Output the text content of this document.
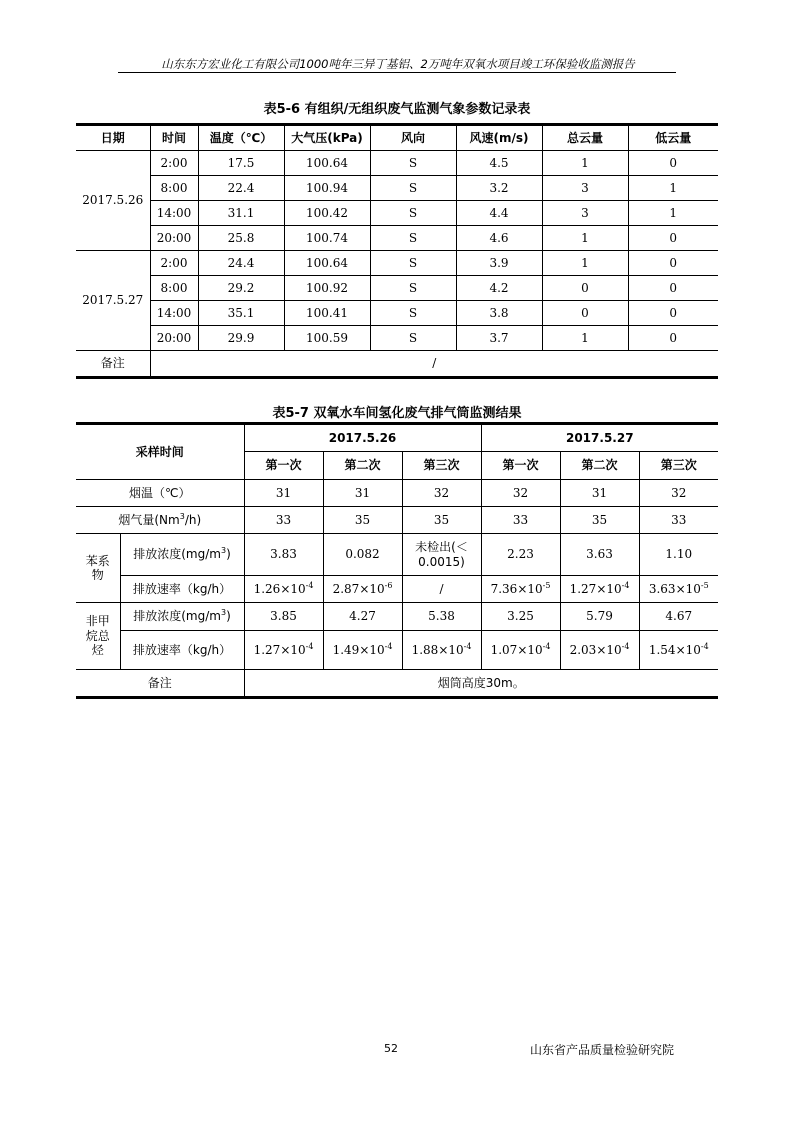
山东东方宏业化工有限公司1000吨年三异丁基铝、2万吨年双氧水项目竣工环保验收监测报告
表5-6 有组织/无组织废气监测气象参数记录表
日期	时间	温度（℃）	大气压(kPa)	风向	风速(m/s)	总云量	低云量
2017.5.26	2:00	17.5	100.64	S	4.5	1	0
	8:00	22.4	100.94	S	3.2	3	1
	14:00	31.1	100.42	S	4.4	3	1
	20:00	25.8	100.74	S	4.6	1	0
2017.5.27	2:00	24.4	100.64	S	3.9	1	0
	8:00	29.2	100.92	S	4.2	0	0
	14:00	35.1	100.41	S	3.8	0	0
	20:00	29.9	100.59	S	3.7	1	0
备注	/						
表5-7 双氧水车间氢化废气排气筒监测结果
采样时间		2017.5.26			2017.5.27		
		第一次	第二次	第三次	第一次	第二次	第三次
烟温（℃）		31	31	32	32	31	32
烟气量(Nm$^3$/h)		33	35	35	33	35	33

苯系
物	排放浓度$(mg/m^3)$	3.83	0.082	未检出(＜0.0015)	2.23	3.63	1.10
	排放速率（kg/h）	$1.26\times 10^{-4}$	$2.87\times 10^{-6}$	/	$7.36\times 10^{-5}$	$1.27\times 10^{-4}$	$3.63\times 10^{-5}$

非甲
烷总
烃	排放浓度$(mg/m^3)$	3.85	4.27	5.38	3.25	5.79	4.67
	排放速率（kg/h）	$1.27\times 10^{-4}$	$1.49\times 10^{-4}$	$1.88\times 10^{-4}$	$1.07\times 10^{-4}$	$2.03\times 10^{-4}$	$1.54\times 10^{-4}$
备注		烟筒高度30m。					
52	山东省产品质量检验研究院
